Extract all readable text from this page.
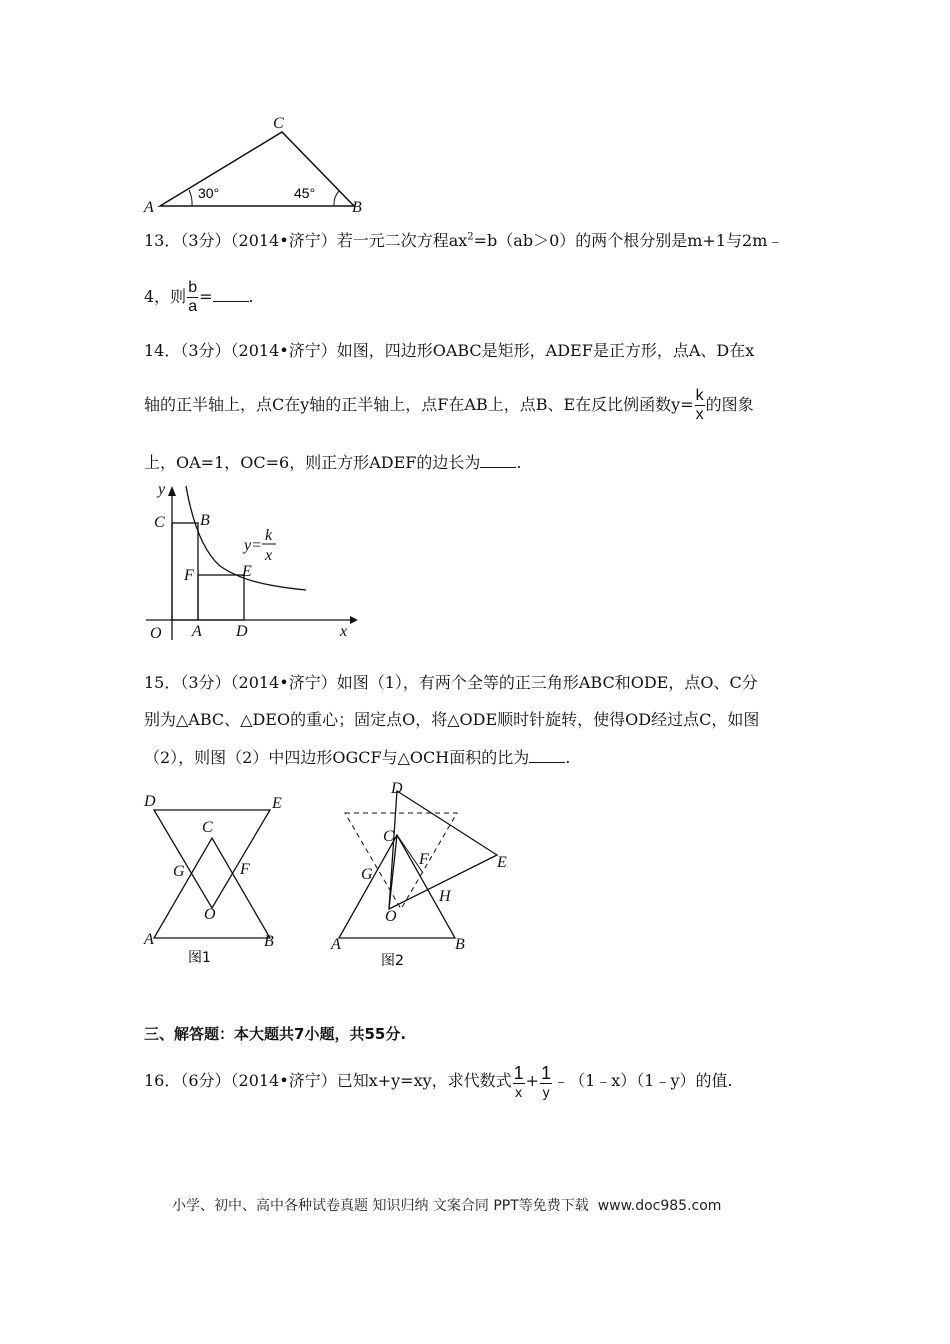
A	B
C
30°	45°
13．（3分）（2014•济宁）若一元二次方程$ax^2=b(ab>0)$的两个根分别是m+1与2m﹣
4，则 $\frac{b}{a}$ = .
14．（3分）（2014•济宁）如图，四边形OABC是矩形，ADEF是正方形，点A、D在x
轴的正半轴上，点C在y轴的正半轴上，点F在AB上，点B、E在反比例函数$y= \frac{k}{x}$ 的图象
上，OA=1，OC=6，则正方形ADEF的边长为 .
y
x
O
C B
F	E
A D
y=
k
x
15．（3分）（2014•济宁）如图（1），有两个全等的正三角形ABC和ODE，点O、C分
别为△ABC、△DEO的重心；固定点O，将△ODE顺时针旋转，使得OD经过点C，如图
（2），则图（2）中四边形OGCF与△OCH面积的比为 .
D	E
C
G	F
O
A	B
图1
D
C
G
F	E
H
O
A	B
图2
三、解答题：本大题共7小题，共55分.
16．（6分）（2014•济宁）已知x+y=xy，求代数式 $\frac{1}{x} + \frac{1}{y}$ ﹣（1﹣x）（1﹣y）的值.
小学、初中、高中各种试卷真题 知识归纳 文案合同 PPT等免费下载 www.doc985.com
